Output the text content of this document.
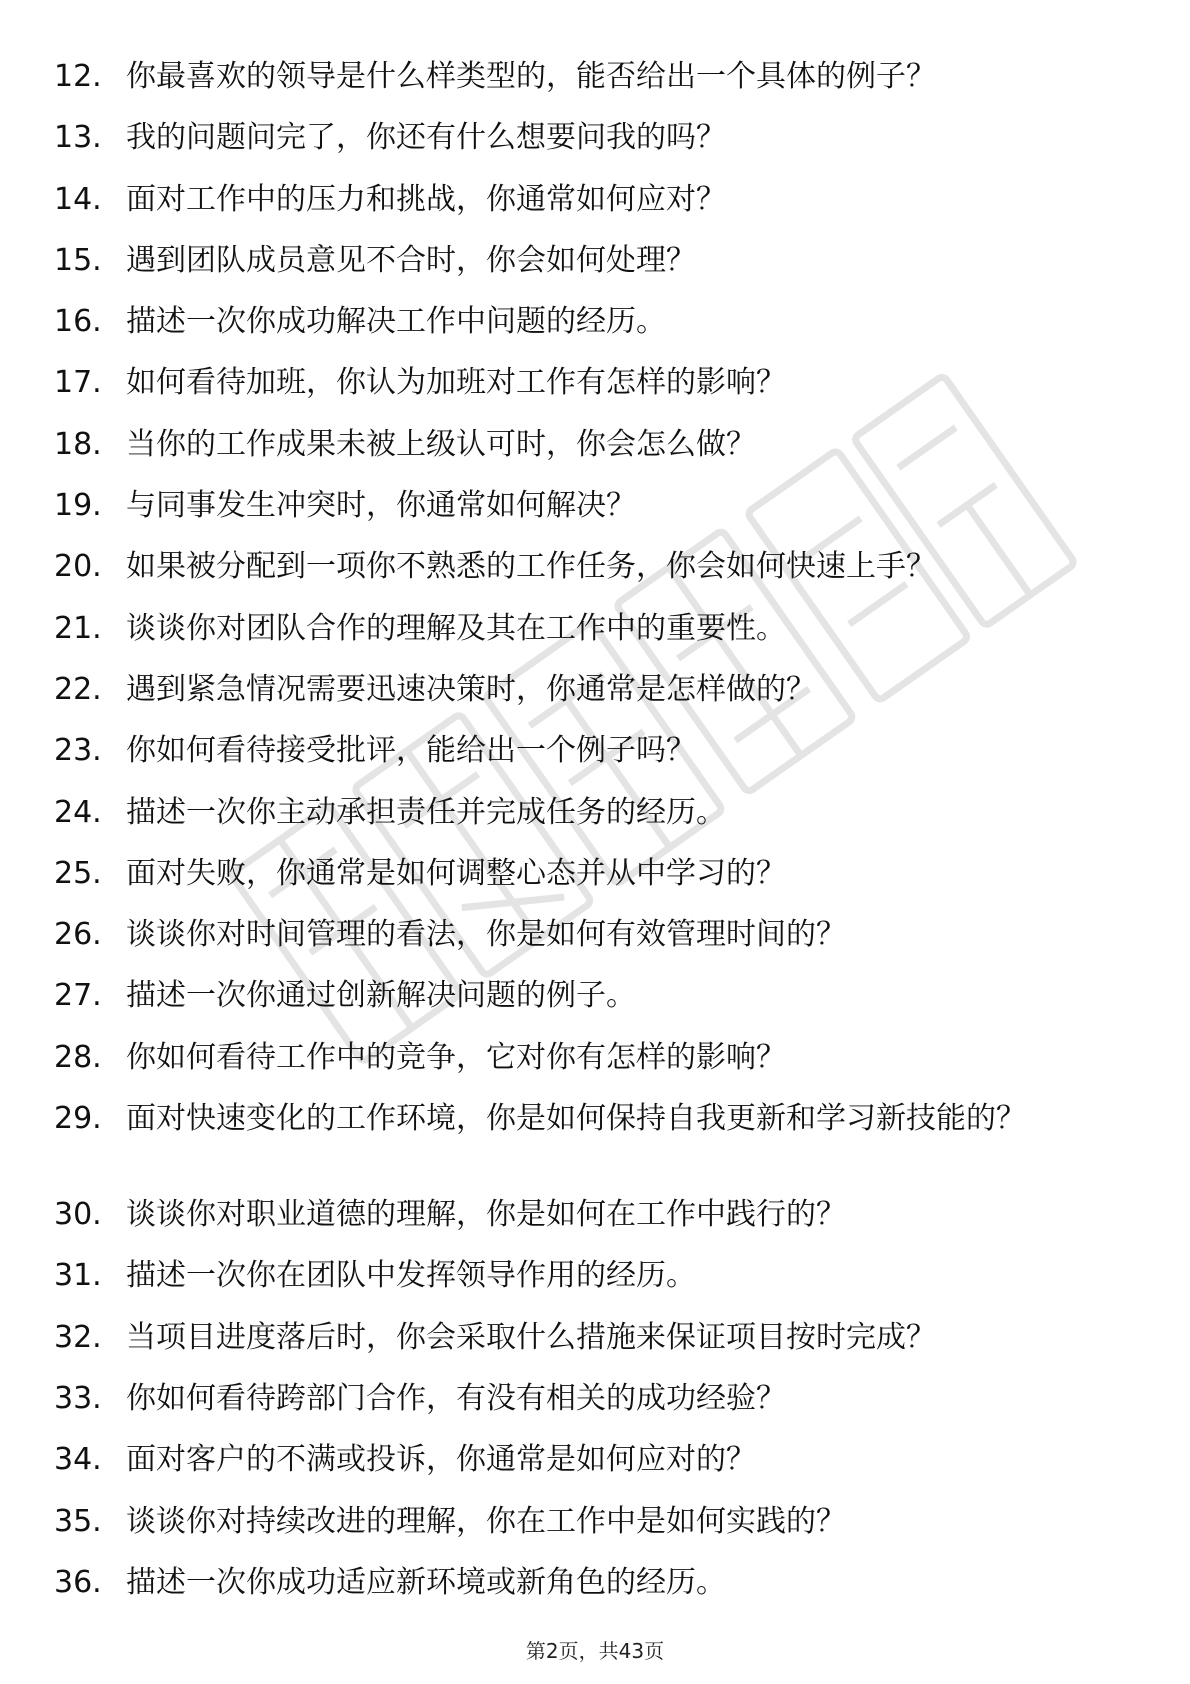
12. 你最喜欢的领导是什么样类型的，能否给出一个具体的例子？
13. 我的问题问完了，你还有什么想要问我的吗？
14. 面对工作中的压力和挑战，你通常如何应对？
15. 遇到团队成员意见不合时，你会如何处理？
16. 描述一次你成功解决工作中问题的经历。
17. 如何看待加班，你认为加班对工作有怎样的影响？
18. 当你的工作成果未被上级认可时，你会怎么做？
19. 与同事发生冲突时，你通常如何解决？
20. 如果被分配到一项你不熟悉的工作任务，你会如何快速上手？
21. 谈谈你对团队合作的理解及其在工作中的重要性。
22. 遇到紧急情况需要迅速决策时，你通常是怎样做的？
23. 你如何看待接受批评，能给出一个例子吗？
24. 描述一次你主动承担责任并完成任务的经历。
25. 面对失败，你通常是如何调整心态并从中学习的？
26. 谈谈你对时间管理的看法，你是如何有效管理时间的？
27. 描述一次你通过创新解决问题的例子。
28. 你如何看待工作中的竞争，它对你有怎样的影响？
29. 面对快速变化的工作环境，你是如何保持自我更新和学习新技能的？
30. 谈谈你对职业道德的理解，你是如何在工作中践行的？
31. 描述一次你在团队中发挥领导作用的经历。
32. 当项目进度落后时，你会采取什么措施来保证项目按时完成？
33. 你如何看待跨部门合作，有没有相关的成功经验？
34. 面对客户的不满或投诉，你通常是如何应对的？
35. 谈谈你对持续改进的理解，你在工作中是如何实践的？
36. 描述一次你成功适应新环境或新角色的经历。
第2页，共43页
